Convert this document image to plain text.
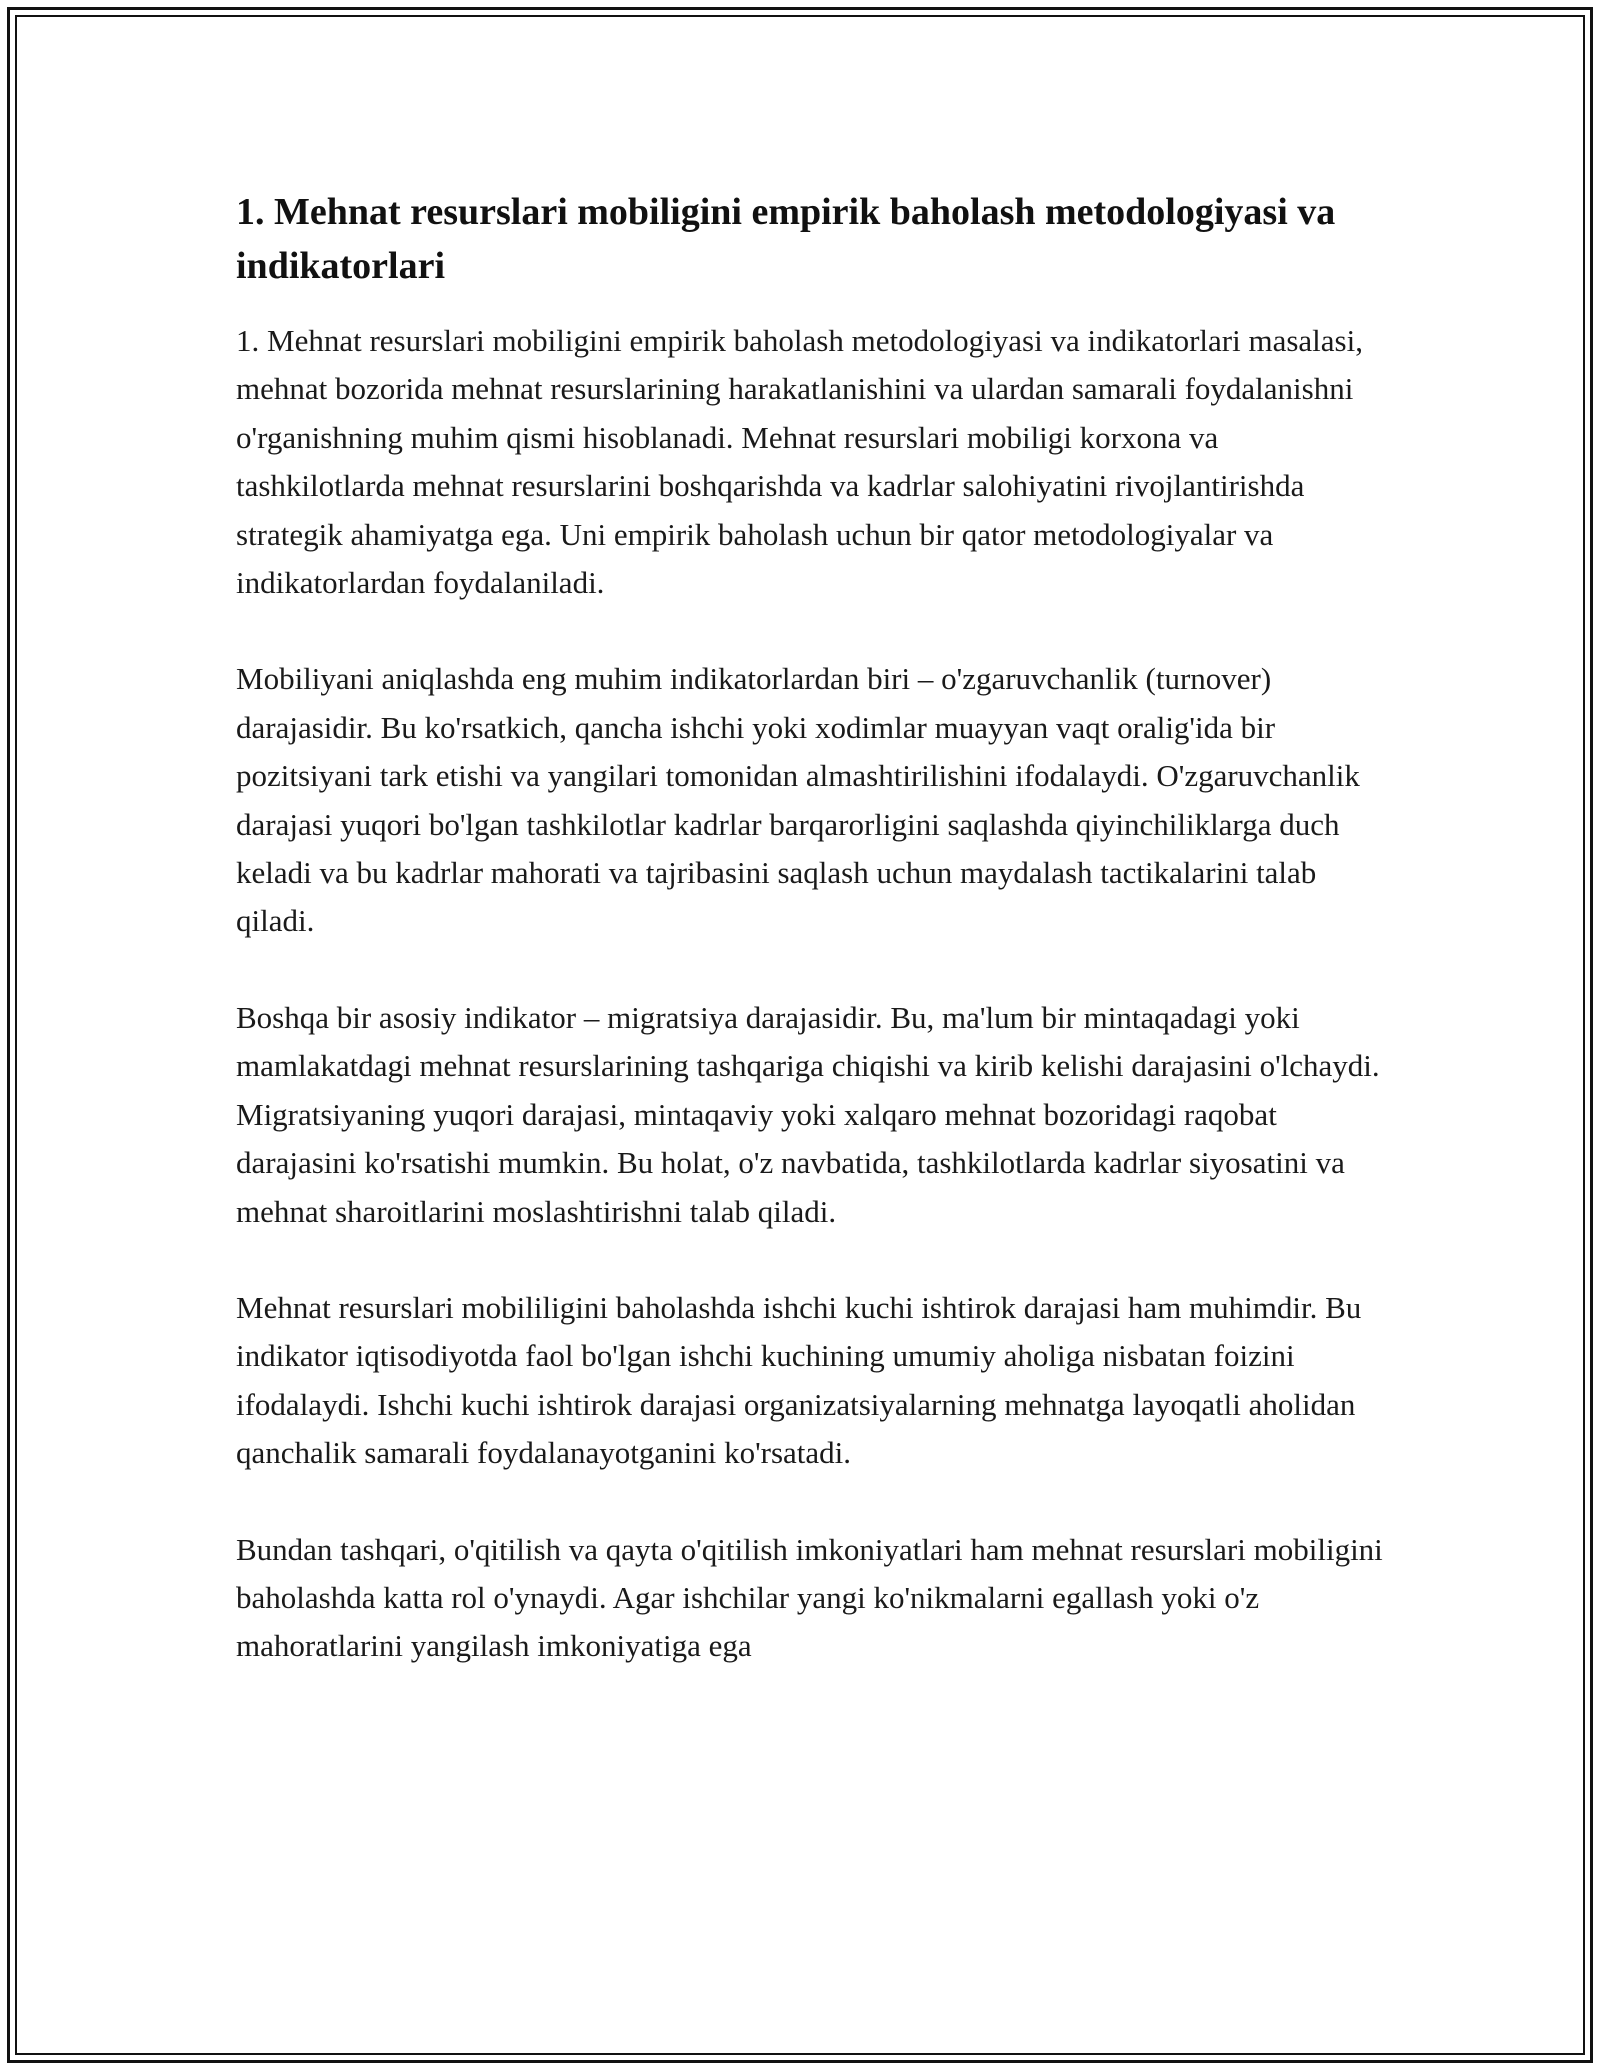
1. Mehnat resurslari mobiligini empirik baholash metodologiyasi va indikatorlari

1. Mehnat resurslari mobiligini empirik baholash metodologiyasi va indikatorlari masalasi, mehnat bozorida mehnat resurslarining harakatlanishini va ulardan samarali foydalanishni o'rganishning muhim qismi hisoblanadi. Mehnat resurslari mobiligi korxona va tashkilotlarda mehnat resurslarini boshqarishda va kadrlar salohiyatini rivojlantirishda strategik ahamiyatga ega. Uni empirik baholash uchun bir qator metodologiyalar va indikatorlardan foydalaniladi.

Mobiliyani aniqlashda eng muhim indikatorlardan biri – o'zgaruvchanlik (turnover) darajasidir. Bu ko'rsatkich, qancha ishchi yoki xodimlar muayyan vaqt oralig'ida bir pozitsiyani tark etishi va yangilari tomonidan almashtirilishini ifodalaydi. O'zgaruvchanlik darajasi yuqori bo'lgan tashkilotlar kadrlar barqarorligini saqlashda qiyinchiliklarga duch keladi va bu kadrlar mahorati va tajribasini saqlash uchun maydalash tactikalarini talab qiladi.

Boshqa bir asosiy indikator – migratsiya darajasidir. Bu, ma'lum bir mintaqadagi yoki mamlakatdagi mehnat resurslarining tashqariga chiqishi va kirib kelishi darajasini o'lchaydi. Migratsiyaning yuqori darajasi, mintaqaviy yoki xalqaro mehnat bozoridagi raqobat darajasini ko'rsatishi mumkin. Bu holat, o'z navbatida, tashkilotlarda kadrlar siyosatini va mehnat sharoitlarini moslashtirishni talab qiladi.

Mehnat resurslari mobililigini baholashda ishchi kuchi ishtirok darajasi ham muhimdir. Bu indikator iqtisodiyotda faol bo'lgan ishchi kuchining umumiy aholiga nisbatan foizini ifodalaydi. Ishchi kuchi ishtirok darajasi organizatsiyalarning mehnatga layoqatli aholidan qanchalik samarali foydalanayotganini ko'rsatadi.

Bundan tashqari, o'qitilish va qayta o'qitilish imkoniyatlari ham mehnat resurslari mobiligini baholashda katta rol o'ynaydi. Agar ishchilar yangi ko'nikmalarni egallash yoki o'z mahoratlarini yangilash imkoniyatiga ega
